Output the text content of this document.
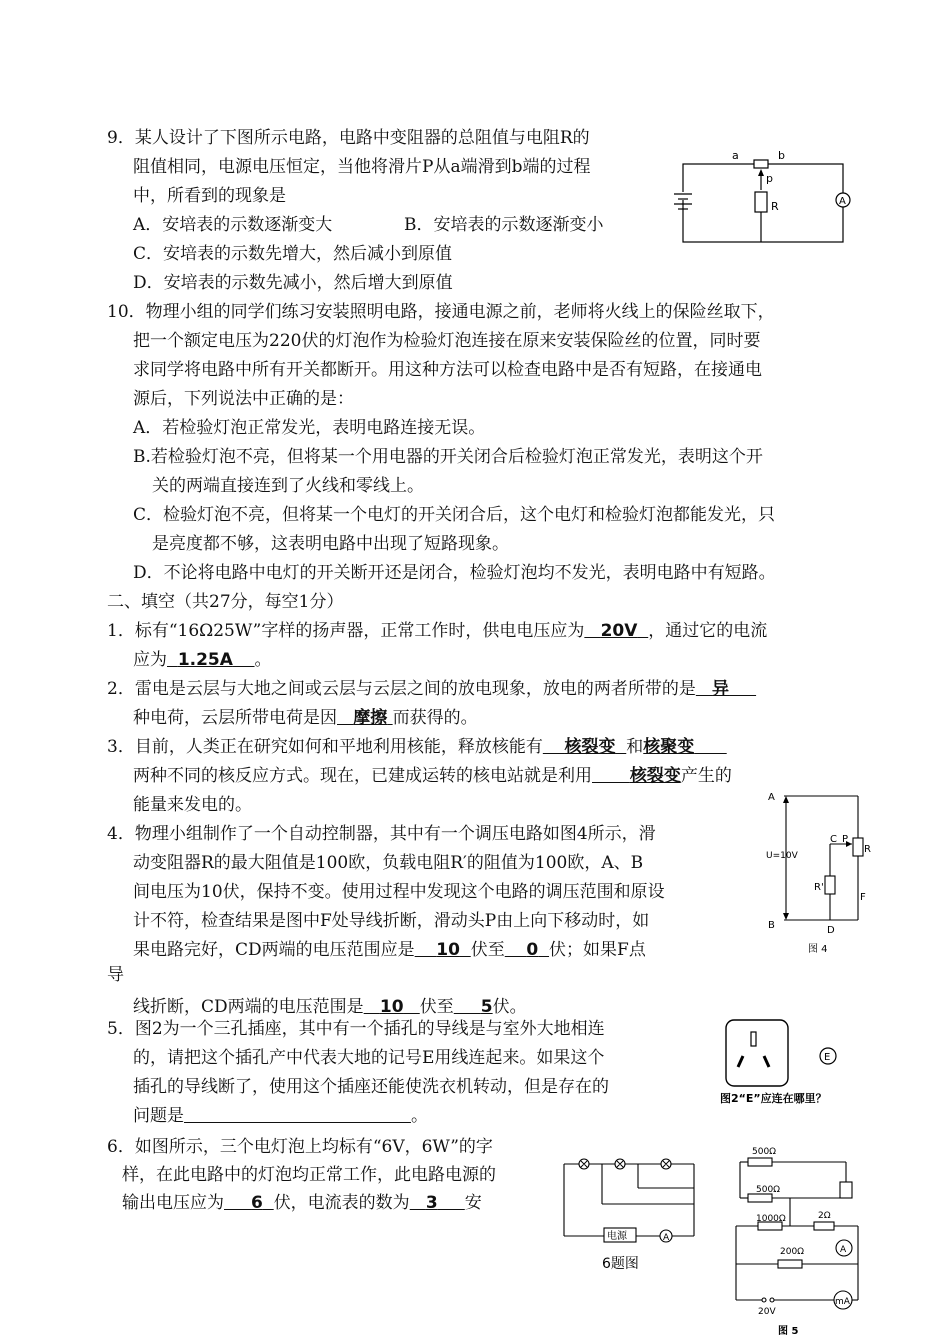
9．某人设计了下图所示电路，电路中变阻器的总阻值与电阻R的
阻值相同，电源电压恒定，当他将滑片P从a端滑到b端的过程
中，所看到的现象是
A．安培表的示数逐渐变大	B．安培表的示数逐渐变小
C．安培表的示数先增大，然后减小到原值
D．安培表的示数先减小，然后增大到原值
a	b
p
R	A
10．物理小组的同学们练习安装照明电路，接通电源之前，老师将火线上的保险丝取下，
把一个额定电压为220伏的灯泡作为检验灯泡连接在原来安装保险丝的位置，同时要
求同学将电路中所有开关都断开。用这种方法可以检查电路中是否有短路，在接通电
源后，下列说法中正确的是：
A．若检验灯泡正常发光，表明电路连接无误。
B.若检验灯泡不亮，但将某一个用电器的开关闭合后检验灯泡正常发光，表明这个开
关的两端直接连到了火线和零线上。
C．检验灯泡不亮，但将某一个电灯的开关闭合后，这个电灯和检验灯泡都能发光，只
是亮度都不够，这表明电路中出现了短路现象。
D．不论将电路中电灯的开关断开还是闭合，检验灯泡均不发光，表明电路中有短路。
二、填空（共27分，每空1分）
1．标有“16Ω25W”字样的扬声器，正常工作时，供电电压应为 20V ，通过它的电流
应为 1.25A 。
2．雷电是云层与大地之间或云层与云层之间的放电现象，放电的两者所带的是 异
种电荷，云层所带电荷是因 摩擦 而获得的。
3．目前，人类正在研究如何和平地利用核能，释放核能有 核裂变 和核聚变
两种不同的核反应方式。现在，已建成运转的核电站就是利用 核裂变产生的
能量来发电的。
4．物理小组制作了一个自动控制器，其中有一个调压电路如图4所示，滑
动变阻器R的最大阻值是100欧，负载电阻R′的阻值为100欧，A、B
间电压为10伏，保持不变。使用过程中发现这个电路的调压范围和原设
计不符，检查结果是图中F处导线折断，滑动头P由上向下移动时，如
果电路完好，CD两端的电压范围应是 10 伏至 0 伏；如果F点
导
线折断，CD两端的电压范围是 10 伏至 5伏。
A
B
C P
R
R'
D
F
U=10V
图 4
5．图2为一个三孔插座，其中有一个插孔的导线是与室外大地相连
的，请把这个插孔产中代表大地的记号E用线连起来。如果这个
插孔的导线断了，使用这个插座还能使洗衣机转动，但是存在的
问题是	。
E
图2“E”应连在哪里？
6．如图所示，三个电灯泡上均标有“6V，6W”的字
样，在此电路中的灯泡均正常工作，此电路电源的
输出电压应为 6 伏，电流表的数为 3 安
电源	A
6题图
500Ω
500Ω
1000Ω	2Ω
200Ω	A
mA
20V
图 5
